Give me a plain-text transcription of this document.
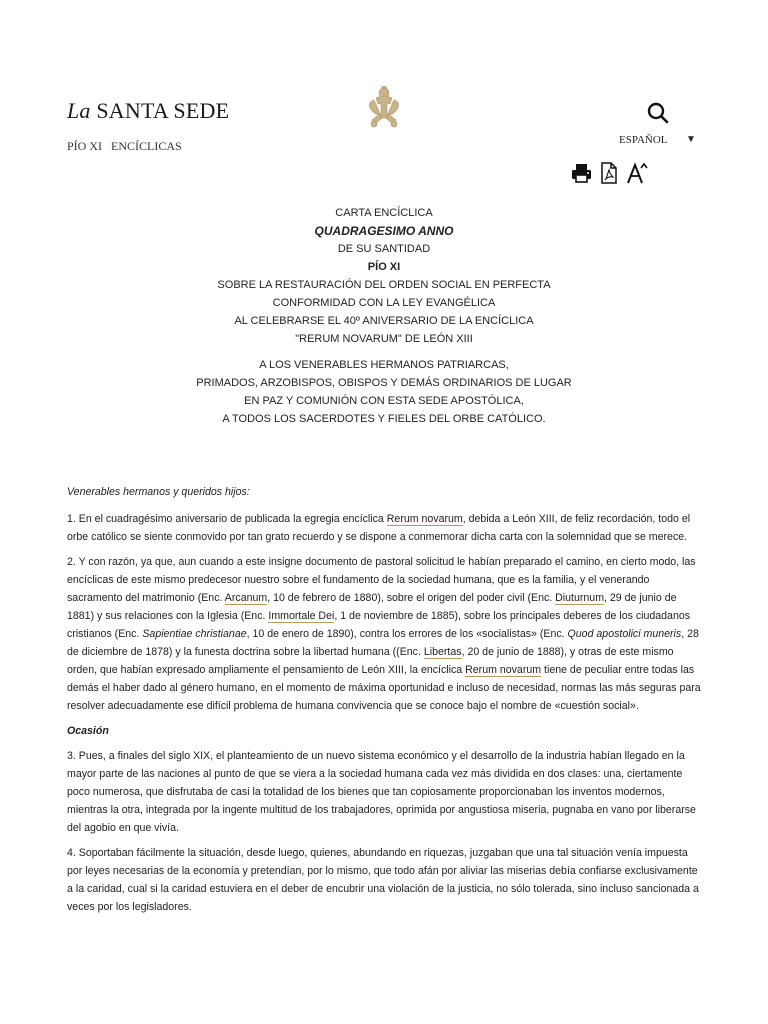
La SANTA SEDE
PÍO XI ENCÍCLICAS	ESPAÑOL ▼
CARTA ENCÍCLICA
QUADRAGESIMO ANNO
DE SU SANTIDAD
PÍO XI
SOBRE LA RESTAURACIÓN DEL ORDEN SOCIAL EN PERFECTA
CONFORMIDAD CON LA LEY EVANGÉLICA
AL CELEBRARSE EL 40º ANIVERSARIO DE LA ENCÍCLICA
"RERUM NOVARUM" DE LEÓN XIII
A LOS VENERABLES HERMANOS PATRIARCAS,
PRIMADOS, ARZOBISPOS, OBISPOS Y DEMÁS ORDINARIOS DE LUGAR
EN PAZ Y COMUNIÓN CON ESTA SEDE APOSTÓLICA,
A TODOS LOS SACERDOTES Y FIELES DEL ORBE CATÓLICO.

Venerables hermanos y queridos hijos:

1. En el cuadragésimo aniversario de publicada la egregia encíclica Rerum novarum, debida a León XIII, de feliz recordación, todo el orbe católico se siente conmovido por tan grato recuerdo y se dispone a conmemorar dicha carta con la solemnidad que se merece.

2. Y con razón, ya que, aun cuando a este insigne documento de pastoral solicitud le habían preparado el camino, en cierto modo, las encíclicas de este mismo predecesor nuestro sobre el fundamento de la sociedad humana, que es la familia, y el venerando sacramento del matrimonio (Enc. Arcanum, 10 de febrero de 1880), sobre el origen del poder civil (Enc. Diuturnum, 29 de junio de 1881) y sus relaciones con la Iglesia (Enc. Immortale Dei, 1 de noviembre de 1885), sobre los principales deberes de los ciudadanos cristianos (Enc. Sapientiae christianae, 10 de enero de 1890), contra los errores de los «socialistas» (Enc. Quod apostolici muneris, 28 de diciembre de 1878) y la funesta doctrina sobre la libertad humana ((Enc. Libertas, 20 de junio de 1888), y otras de este mismo orden, que habían expresado ampliamente el pensamiento de León XIII, la encíclica Rerum novarum tiene de peculiar entre todas las demás el haber dado al género humano, en el momento de máxima oportunidad e incluso de necesidad, normas las más seguras para resolver adecuadamente ese difícil problema de humana convivencia que se conoce bajo el nombre de «cuestión social».

Ocasión

3. Pues, a finales del siglo XIX, el planteamiento de un nuevo sistema económico y el desarrollo de la industria habían llegado en la mayor parte de las naciones al punto de que se viera a la sociedad humana cada vez más dividida en dos clases: una, ciertamente poco numerosa, que disfrutaba de casi la totalidad de los bienes que tan copiosamente proporcionaban los inventos modernos, mientras la otra, integrada por la ingente multitud de los trabajadores, oprimida por angustiosa miseria, pugnaba en vano por liberarse del agobio en que vivía.

4. Soportaban fácilmente la situación, desde luego, quienes, abundando en riquezas, juzgaban que una tal situación venía impuesta por leyes necesarias de la economía y pretendían, por lo mismo, que todo afán por aliviar las miserias debía confiarse exclusivamente a la caridad, cual si la caridad estuviera en el deber de encubrir una violación de la justicia, no sólo tolerada, sino incluso sancionada a veces por los legisladores.
